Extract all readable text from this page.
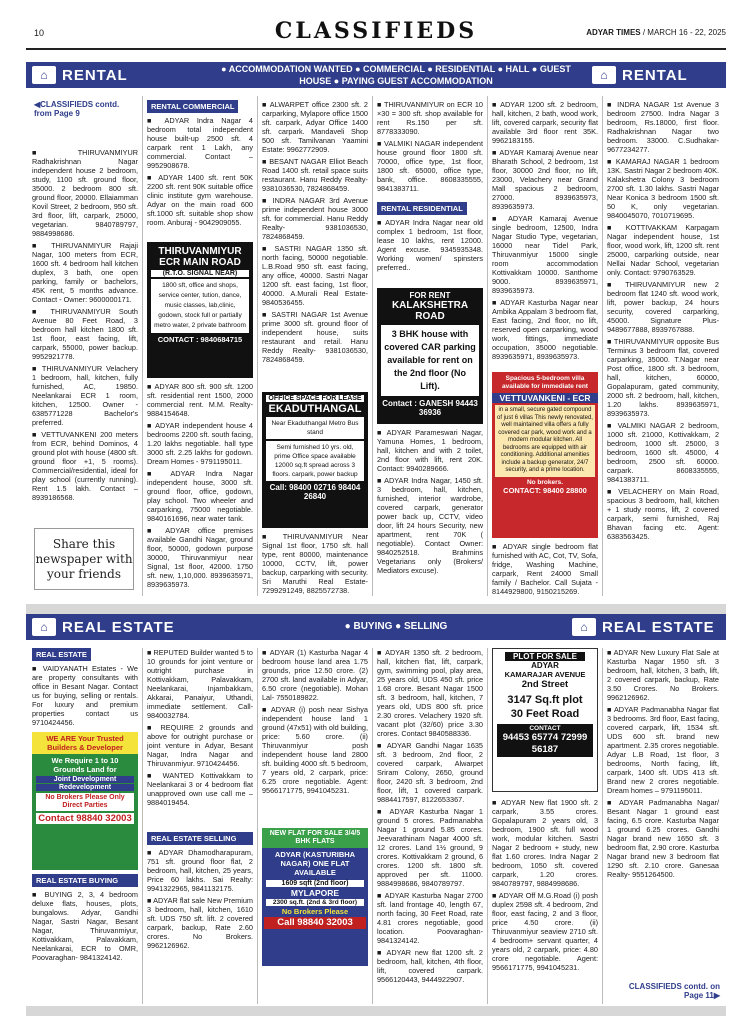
10	CLASSIFIEDS	ADYAR TIMES / MARCH 16 - 22, 2025
⌂ RENTAL	● ACCOMMODATION WANTED ● COMMERCIAL ● RESIDENTIAL ● HALL ● GUEST HOUSE ● PAYING GUEST ACCOMMODATION	⌂ RENTAL
◀CLASSIFIEDS contd. from Page 9

■ THIRUVANMIYUR Radhakrishnan Nagar independent house 2 bedroom, study, 1100 sft. ground floor, 35000. 2 bedroom 800 sft. ground floor, 20000. Ellaiamman Kovil Street, 2 bedroom, 950 sft. 3rd floor, lift, carpark, 25000, vegetarian. 9840789797, 9884998686.

■ THIRUVANMIYUR Rajaji Nagar, 100 meters from ECR, 1600 sft. 4 bedroom hall kitchen duplex, 3 bath, one open parking, family or bachelors, 45K rent, 5 months advance. Contact - Owner: 9600000171.

■ THIRUVANMIYUR South Avenue 80 Feet Road, 3 bedroom hall kitchen 1800 sft. 1st floor, east facing, lift, carpark, 55000, power backup. 9952921778.

■ THIRUVANMIYUR Velachery 1 bedroom, hall, kitchen, fully furnished, AC, 19850. Neelankarai ECR 1 room, kitchen, 12500. Owner - 6385771228 Bachelor's preferred.

■ VETTUVANKENI 200 meters from ECR, behind Dominos, 4 ground plot with house (4800 sft. ground floor +1, 5 rooms). Commercial/residential, ideal for play school (currently running). Rent 1.5 lakh. Contact – 8939186568.

Share this newspaper with your friends
RENTAL COMMERCIAL

■ ADYAR Indra Nagar 4 bedroom total independent house built-up 2500 sft. 4 carpark rent 1 Lakh, any commercial. Contact – 9952908678.

■ ADYAR 1400 sft. rent 50K 2200 sft. rent 90K suitable office clinic institute gym warehouse. Adyar on the main road 600 sft.1000 sft. suitable shop show room. Anburaj - 9042909055.

THIRUVANMIYUR
ECR MAIN ROAD
(R.T.O. SIGNAL NEAR)
1800 sft, office and shops, service center, tution, dance, music classes, lab,clinic, godown, stock full or partially metro water, 2 private bathroom
CONTACT : 9840684715

■ ADYAR 800 sft. 900 sft. 1200 sft. residential rent 1500, 2000 commercial rent. M.M. Realty- 9884154648.

■ ADYAR independent house 4 bedrooms 2200 sft. south facing, 1.20 lakhs negotiable. hall type 3000 sft. 2.25 lakhs for godown. Dream Homes - 9791195011.

■ ADYAR Indra Nagar independent house, 3000 sft. ground floor, office, godown, play school. Two wheeler and carparking, 75000 negotiable. 9840161696, near water tank.

■ ADYAR office premises available Gandhi Nagar, ground floor, 50000, godown purpose 30000, Thiruvanmiyur near Signal, 1st floor, 42000. 1750 sft. new, 1,10,000. 8939635971, 8939635973.

■ ALWARPET office 2300 sft. 2 carparking, Mylapore office 1500 sft. carpark, Adyar Office 1400 sft. carpark. Mandaveli Shop 500 sft. Tamilvanan Yaamini Estate: 9962772909.

■ BESANT NAGAR Elliot Beach Road 1400 sft. retail space suits restaurant. Hanu Reddy Realty- 9381036530, 7824868459.

■ INDRA NAGAR 3rd Avenue prime independent house 3000 sft. for commercial. Hanu Reddy Realty- 9381036530, 7824868459.

■ SASTRI NAGAR 1350 sft. north facing, 50000 negotiable. L.B.Road 950 sft. east facing, any office, 40000. Sastri Nagar 1200 sft. east facing, 1st floor, 40000. A.Murali Real Estate- 9840536455.

■ SASTRI NAGAR 1st Avenue prime 3000 sft. ground floor of independent house, suits restaurant and retail. Hanu Reddy Realty- 9381036530, 7824868459.

OFFICE SPACE FOR LEASE
EKADUTHANGAL
Near Ekaduthangal Metro Bus stand
Semi furnished 10 yrs. old, prime Office space available 12000 sq.ft spread across 3 floors. carpark, power backup
Call: 98400 02716 98404 26840

■ THIRUVANMIYUR Near Signal 1st floor, 1750 sft. hall type, rent 80000, maintenance 10000, CCTV, lift, power backup, carparking with security. Sri Maruthi Real Estate- 7299291249, 8825572738.

■ THIRUVANMIYUR on ECR 10 ×30 = 300 sft. shop available for rent Rs.150 per sft. 8778333090.

■ VALMIKI NAGAR independent house ground floor 1800 sft. 70000, office type, 1st floor, 1800 sft. 65000, office type, bank, office. 8608335555, 9841383711.

RENTAL RESIDENTIAL

■ ADYAR Indra Nagar near old complex 1 bedroom, 1st floor, lease 10 lakhs, rent 12000. Agent excuse. 9345935348. Working women/ spinsters preferred..

FOR RENT
KALAKSHETRA ROAD
3 BHK house with covered CAR parking available for rent on the 2nd floor (No Lift).
Contact : GANESH 94443 36936

■ ADYAR Parameswari Nagar, Yamuna Homes, 1 bedroom, hall, kitchen and with 2 toilet, 2nd floor with lift, rent 20K. Contact: 9940289666.

■ ADYAR Indra Nagar, 1450 sft. 3 bedroom, hall, kitchen, furnished, interior wardrobe, covered carpark, generator power back up, CCTV, video door, lift 24 hours Security, new apartment, rent 70K ( negotiable). Contact Owner: 9840252518. Brahmins Vegetarians only (Brokers/ Mediators excuse).

■ ADYAR 1200 sft. 2 bedroom, hall, kitchen, 2 bath, wood work, lift, covered carpark, security flat available 3rd floor rent 35K. 9962183155.

■ ADYAR Kamaraj Avenue near Bharath School, 2 bedroom, 1st floor, 30000 2nd floor, no lift, 23000, Velachery near Grand Mall spacious 2 bedroom, 27000. 8939635973, 8939635973.

■ ADYAR Kamaraj Avenue single bedroom, 12500, Indra Nagar Studio Type, vegetarian, 16000 near Tidel Park, Thiruvanmiyur 15000 single room accommodation Kottivakkam 10000. Santhome 9000. 8939635971, 8939635973.

■ ADYAR Kasturba Nagar near Ambika Appalam 3 bedroom flat, East facing, 2nd floor, no lift, reserved open carparking, wood work, fittings, immediate occupation, 35000 negotiable. 8939635971, 8939635973.

Spacious 5-bedroom villa available for immediate rent
VETTUVANKENI - ECR
in a small, secure gated compound of just 6 villas This newly renovated, well maintained villa offers a fully covered car park, wood work and a modern modular kitchen. All bedrooms are equipped with air conditioning. Additional amenities include a backup generator, 24/7 security, and a prime location.
No brokers.
CONTACT: 98400 28800

■ ADYAR single bedroom flat furnished with AC, Cot, TV, Sofa, fridge, Washing Machine, carpark, Rent 24000 Small family / Bachelor. Call Sujata - 8144929800, 9150215269.

■ INDRA NAGAR 1st Avenue 3 bedroom 27500. Indra Nagar 3 bedroom, Rs.18000, first floor. Radhakrishnan Nagar two bedroom. 33000. C.Sudhakar- 9677234277.

■ KAMARAJ NAGAR 1 bedroom 13K. Sastri Nagar 2 bedroom 40K. Kalakshetra Colony 3 bedroom 2700 sft. 1.30 lakhs. Sastri Nagar Near Konica 3 bedroom 1500 sft. 50 K, only vegetarian. 9840045070, 7010719695.

■ KOTTIVAKKAM Karpagam Nagar independent house, 1st floor, wood work, lift, 1200 sft. rent 25000, carparking outside, near Nellai Nadar School, vegetarian only. Contact: 9790763529.

■ THIRUVANMIYUR new 2 bedroom flat 1240 sft. wood work, lift, power backup, 24 hours security, covered carparking, 45000. Signature Plus- 9489677888, 8939767888.

■ THIRUVANMIYUR opposite Bus Terminus 3 bedroom flat, covered carparking, 35000. T.Nagar near Post office, 1800 sft. 3 bedroom, hall, kitchen, 60000, Gopalapuram, gated community, 2000 sft. 2 bedroom, hall, kitchen, 1.20 lakhs. 8939635971, 8939635973.

■ VALMIKI NAGAR 2 bedroom, 1000 sft. 21000, Kottivakkam, 2 bedroom, 1000 sft. 25000, 3 bedroom, 1600 sft. 45000, 4 bedroom, 2500 sft. 60000. carpark. 8608335555, 9841383711.

■ VELACHERY on Main Road, spacious 3 bedroom, hall, kitchen + 1 study rooms, lift, 2 covered carpark, semi furnished, Raj Bhavan facing etc. Agent: 6383563425.

⌂ REAL ESTATE	● BUYING ● SELLING	⌂ REAL ESTATE
REAL ESTATE

■ VAIDYANATH Estates - We are property consultants with office in Besant Nagar. Contact us for buying, selling or rentals. For luxury and premium properties contact us 9710424456.

WE ARE Your Trusted Builders & Developer
We Require 1 to 10 Grounds Land for
Joint Development
Redevelopment
No Brokers Please Only Direct Parties
Contact 98840 32003
REAL ESTATE BUYING

■ BUYING 2, 3, 4 bedroom deluxe flats, houses, plots, bungalows. Adyar, Gandhi Nagar, Sastri Nagar, Besant Nagar, Thiruvanmiyur, Kottivakkam, Palavakkam, Neelankarai, ECR to OMR, Poovaraghan- 9841324142.

■ REPUTED Builder wanted 5 to 10 grounds for joint venture or outright purchase in Kottivakkam, Palavakkam, Neelankarai, Injambakkam, Akkarai, Panaiyur, Uthandi, immediate settlement. Call- 9840032784.

■ REQUIRE 2 grounds and above for outright purchase or joint venture in Adyar, Besant Nagar, Indra Nagar and Thiruvanmiyur. 9710424456.

■ WANTED Kottivakkam to Neelankarai 3 or 4 bedroom flat unapproved own use call me – 9884019454.

REAL ESTATE SELLING

■ ADYAR Dhamodharapuram, 751 sft. ground floor flat, 2 bedroom, hall, kitchen, 25 years, Price 60 lakhs. Sai Realty: 9941322965, 9841132175.

■ ADYAR flat sale New Premium 3 bedroom, hall, kitchen, 1610 sft. UDS 750 sft. lift. 2 covered carpark, backup, Rate 2.60 crores. No Brokers. 9962126962.

■ ADYAR (1) Kasturba Nagar 4 bedroom house land area 1.75 grounds, price 12.50 crore. (2) 2700 sft. land available in Adyar, 6.50 crore (negotiable). Mohan Lal- 7550189822.

■ ADYAR (i) posh near Sishya independent house land 1 ground (47x51) with old building, price: 5.60 crore. (ii) Thiruvanmiyur posh independent house land 2800 sft. building 4000 sft. 5 bedroom, 7 years old, 2 carpark, price: 6.25 crore negotiable. Agent: 9566171775, 9941045231.

NEW FLAT FOR SALE 3/4/5 BHK FLATS
ADYAR (KASTURIBHA NAGAR) ONE FLAT AVAILABLE
1609 sqft (2nd floor)
MYLAPORE
2300 sq.ft. (2nd & 3rd floor)
No Brokers Please
Call 98840 32003

■ ADYAR 1350 sft. 2 bedroom, hall, kitchen flat, lift, carpark, gym, swimming pool, play area, 25 years old, UDS 450 sft. price 1.68 crore. Besant Nagar 1500 sft. 3 bedroom, hall, kitchen, 7 years old, UDS 800 sft. price 2.30 crores. Velachery 1920 sft. vacant plot (32/60) price 3.30 crores. Contact 9840588336.

■ ADYAR Gandhi Nagar 1635 sft. 3 bedroom, 2nd floor, 2 covered carpark, Alwarpet Sriram Colony, 2650, ground floor, 2420 sft. 3 bedroom, 2nd floor, lift, 1 covered carpark. 9884417597, 8122653367.

■ ADYAR Kasturba Nagar 1 ground 5 crores. Padmanabha Nagar 1 ground 5.85 crores. Jeevarathinam Nagar 4000 sft. 12 crores. Land 1½ ground, 9 crores. Kottivakkam 2 ground, 6 crores. 1200 sft. 1800 sft. approved per sft. 11000. 9884998686, 9840789797.

■ ADYAR Kasturba Nagar 2700 sft. land frontage 40, length 67, north facing, 30 Feet Road, rate 4.81 crores negotiable, good location. Poovaraghan-9841324142.

■ ADYAR new flat 1200 sft. 2 bedroom, hall, kitchen, 4th floor, lift, covered carpark. 9566120443, 9444922907.

PLOT FOR SALE
ADYAR
KAMARAJAR AVENUE
2nd Street
3147 Sq.ft plot
30 Feet Road
CONTACT
94453 65774 72999 56187

■ ADYAR New flat 1900 sft. 2 carpark, 3.55 crores. Gopalapuram 2 years old, 3 bedroom, 1900 sft. full wood work, modular kitchen. Sastri Nagar 2 bedroom + study, new flat 1.60 crores. Indra Nagar 2 bedroom, 1050 sft. covered carpark, 1.20 crores. 9840789797, 9884998686.

■ ADYAR Off M.G.Road (i) posh duplex 2598 sft. 4 bedroom, 2nd floor, east facing, 2 and 3 floor, price 4.50 crore. (ii) Thiruvanmiyur seaview 2710 sft. 4 bedroom+ servant quarter, 4 years old, 2 carpark, price: 4.80 crore negotiable. Agent: 9566171775, 9941045231.

■ ADYAR New Luxury Flat Sale at Kasturba Nagar 1950 sft. 3 bedroom, hall, kitchen, 3 bath, lift, 2 covered carpark, backup, Rate 3.50 Crores. No Brokers. 9962126962.

■ ADYAR Padmanabha Nagar flat 3 bedrooms. 3rd floor, East facing, covered carpark, lift, 1534 sft. UDS 600 sft. brand new apartment. 2.35 crores negotiable. Adyar L.B Road, 1st floor, 3 bedrooms, North facing, lift, carpark, 1400 sft. UDS 413 sft. Brand new 2 crores negotiable. Dream homes – 9791195011.

■ ADYAR Padmanabha Nagar/ Besant Nagar 1 ground east facing, 6.5 crore. Kasturba Nagar 1 ground 6.25 crores. Gandhi Nagar brand new 1650 sft. 3 bedroom flat, 2.90 crore. Kasturba Nagar brand new 3 bedroom flat 1290 sft. 2.10 crore. Ganesaa Realty- 9551264500.

CLASSIFIEDS contd. on Page 11▶
